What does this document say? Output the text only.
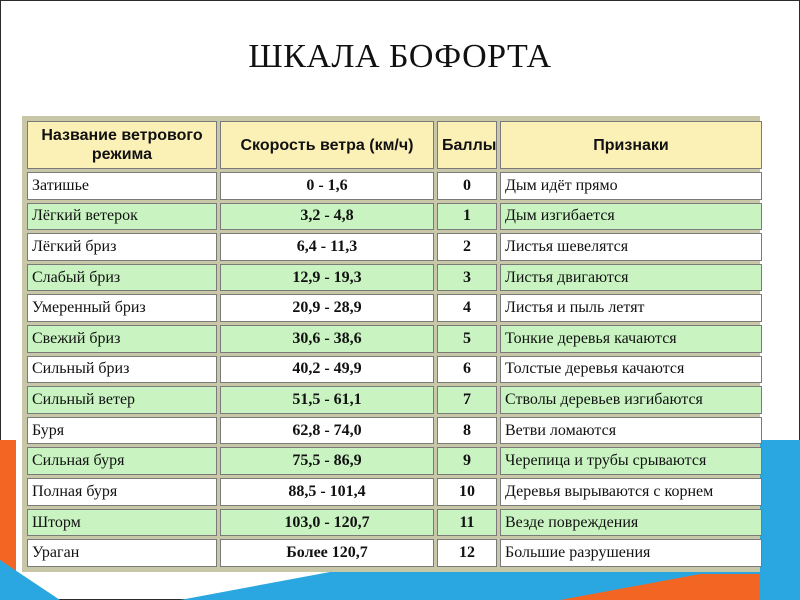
ШКАЛА БОФОРТА
Название ветрового режима	Скорость ветра (км/ч)	Баллы	Признаки
Затишье	0 - 1,6	0	Дым идёт прямо
Лёгкий ветерок	3,2 - 4,8	1	Дым изгибается
Лёгкий бриз	6,4 - 11,3	2	Листья шевелятся
Слабый бриз	12,9 - 19,3	3	Листья двигаются
Умеренный бриз	20,9 - 28,9	4	Листья и пыль летят
Свежий бриз	30,6 - 38,6	5	Тонкие деревья качаются
Сильный бриз	40,2 - 49,9	6	Толстые деревья качаются
Сильный ветер	51,5 - 61,1	7	Стволы деревьев изгибаются
Буря	62,8 - 74,0	8	Ветви ломаются
Сильная буря	75,5 - 86,9	9	Черепица и трубы срываются
Полная буря	88,5 - 101,4	10	Деревья вырываются с корнем
Шторм	103,0 - 120,7	11	Везде повреждения
Ураган	Более 120,7	12	Большие разрушения
